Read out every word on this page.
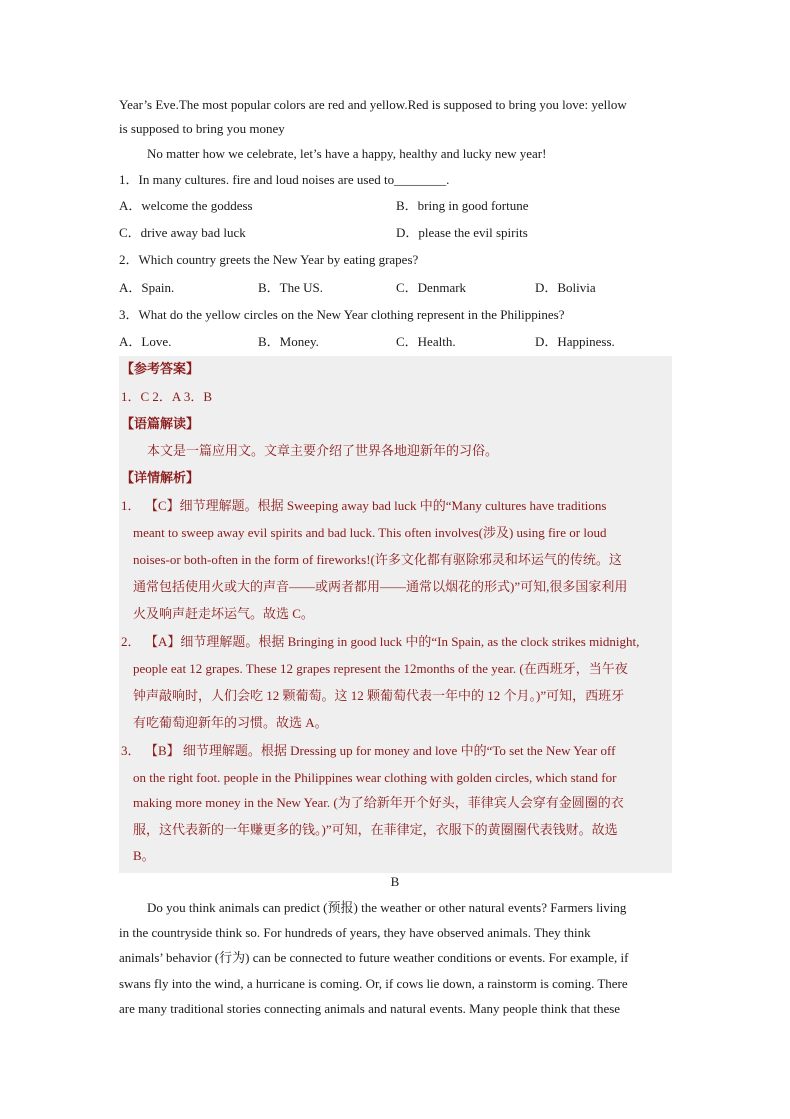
Year’s Eve.The most popular colors are red and yellow.Red is supposed to bring you love: yellow
is supposed to bring you money
No matter how we celebrate, let’s have a happy, healthy and lucky new year!
1．In many cultures. fire and loud noises are used to________.
A．welcome the goddess	B．bring in good fortune
C．drive away bad luck	D．please the evil spirits
2．Which country greets the New Year by eating grapes?
A．Spain.	B．The US.	C．Denmark	D．Bolivia
3．What do the yellow circles on the New Year clothing represent in the Philippines?
A．Love.	B．Money.	C．Health.	D．Happiness.
【参考答案】
1．C 2．A 3．B
【语篇解读】
本文是一篇应用文。文章主要介绍了世界各地迎新年的习俗。
【详情解析】
1． 【C】细节理解题。根据 Sweeping away bad luck 中的“Many cultures have traditions
meant to sweep away evil spirits and bad luck. This often involves(涉及) using fire or loud
noises-or both-often in the form of fireworks!(许多文化都有驱除邪灵和坏运气的传统。这
通常包括使用火或大的声音——或两者都用——通常以烟花的形式)”可知,很多国家利用
火及响声赶走坏运气。故选 C。
2． 【A】细节理解题。根据 Bringing in good luck 中的“In Spain, as the clock strikes midnight,
people eat 12 grapes. These 12 grapes represent the 12months of the year. (在西班牙，当午夜
钟声敲响时，人们会吃 12 颗葡萄。这 12 颗葡萄代表一年中的 12 个月。)”可知，西班牙
有吃葡萄迎新年的习惯。故选 A。
3． 【B】 细节理解题。根据 Dressing up for money and love 中的“To set the New Year off
on the right foot. people in the Philippines wear clothing with golden circles, which stand for
making more money in the New Year. (为了给新年开个好头，菲律宾人会穿有金圆圈的衣
服，这代表新的一年赚更多的钱。)”可知，在菲律定，衣服下的黄圈圈代表钱财。故选
B。
B
Do you think animals can predict (预报) the weather or other natural events? Farmers living
in the countryside think so. For hundreds of years, they have observed animals. They think
animals’ behavior (行为) can be connected to future weather conditions or events. For example, if
swans fly into the wind, a hurricane is coming. Or, if cows lie down, a rainstorm is coming. There
are many traditional stories connecting animals and natural events. Many people think that these
